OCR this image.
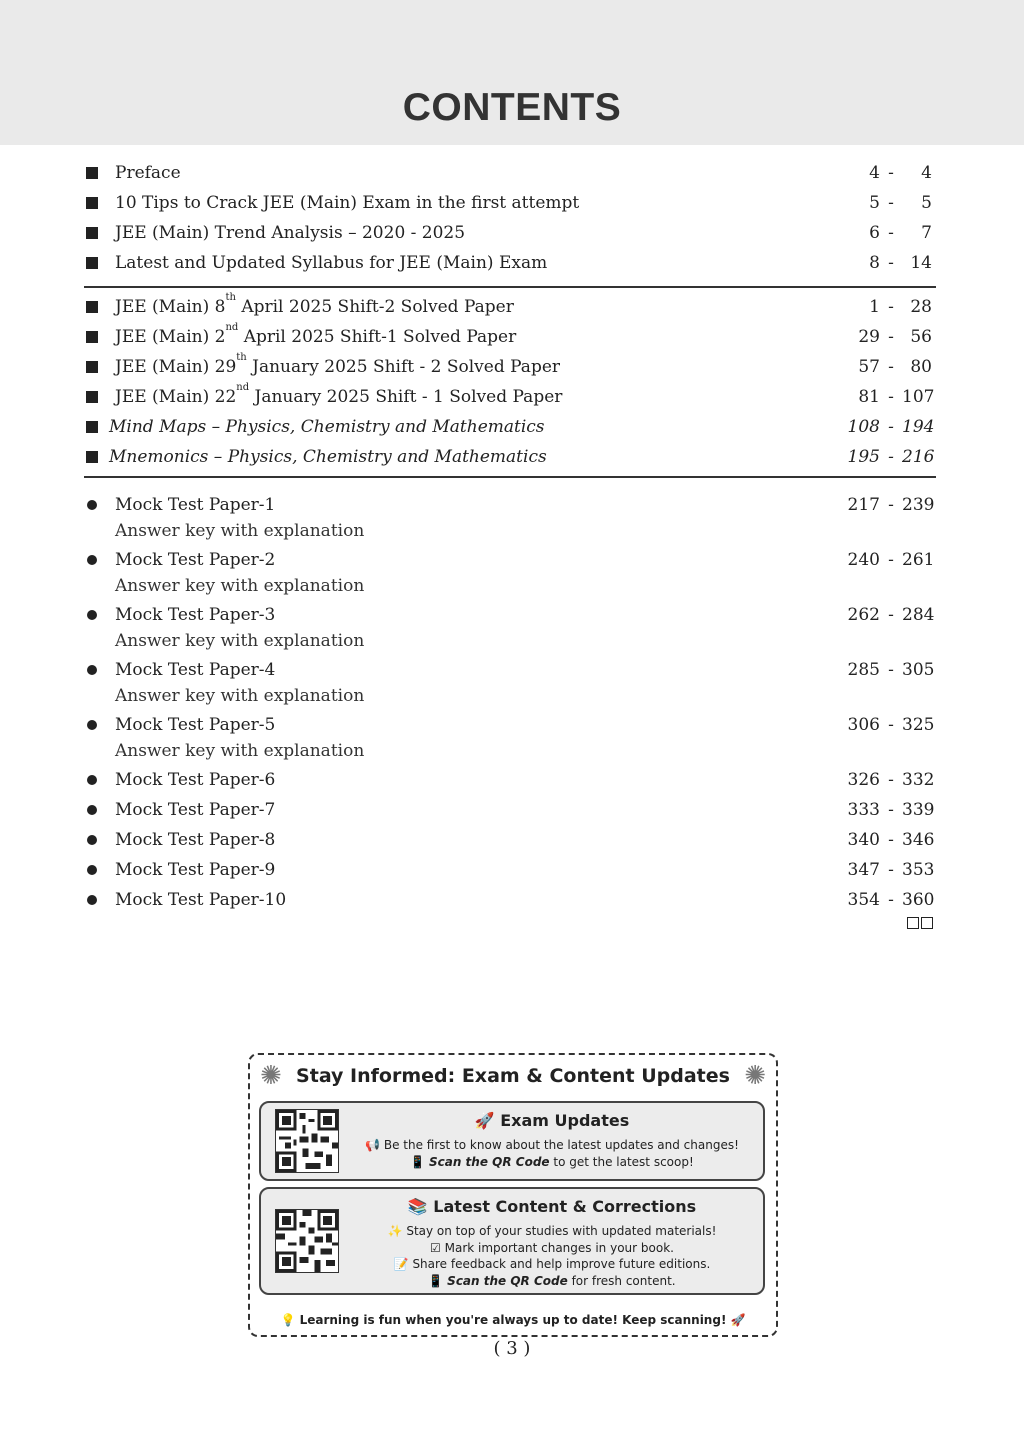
CONTENTS
Preface	4 - 4
10 Tips to Crack JEE (Main) Exam in the first attempt	5 - 5
JEE (Main) Trend Analysis – 2020 - 2025	6 - 7
Latest and Updated Syllabus for JEE (Main) Exam	8 - 14
JEE (Main) 8th April 2025 Shift-2 Solved Paper	1 - 28
JEE (Main) 2nd April 2025 Shift-1 Solved Paper	29 - 56
JEE (Main) 29th January 2025 Shift - 2 Solved Paper	57 - 80
JEE (Main) 22nd January 2025 Shift - 1 Solved Paper	81 - 107
Mind Maps – Physics, Chemistry and Mathematics	108 - 194
Mnemonics – Physics, Chemistry and Mathematics	195 - 216
Mock Test Paper-1	217 - 239
Answer key with explanation
Mock Test Paper-2	240 - 261
Answer key with explanation
Mock Test Paper-3	262 - 284
Answer key with explanation
Mock Test Paper-4	285 - 305
Answer key with explanation
Mock Test Paper-5	306 - 325
Answer key with explanation
Mock Test Paper-6	326 - 332
Mock Test Paper-7	333 - 339
Mock Test Paper-8	340 - 346
Mock Test Paper-9	347 - 353
Mock Test Paper-10	354 - 360
✺	✺
Stay Informed: Exam & Content Updates
🚀 Exam Updates
📢 Be the first to know about the latest updates and changes!
📱 Scan the QR Code to get the latest scoop!
📚 Latest Content & Corrections
✨ Stay on top of your studies with updated materials!
☑ Mark important changes in your book.
📝 Share feedback and help improve future editions.
📱 Scan the QR Code for fresh content.
💡 Learning is fun when you're always up to date! Keep scanning! 🚀
( 3 )
